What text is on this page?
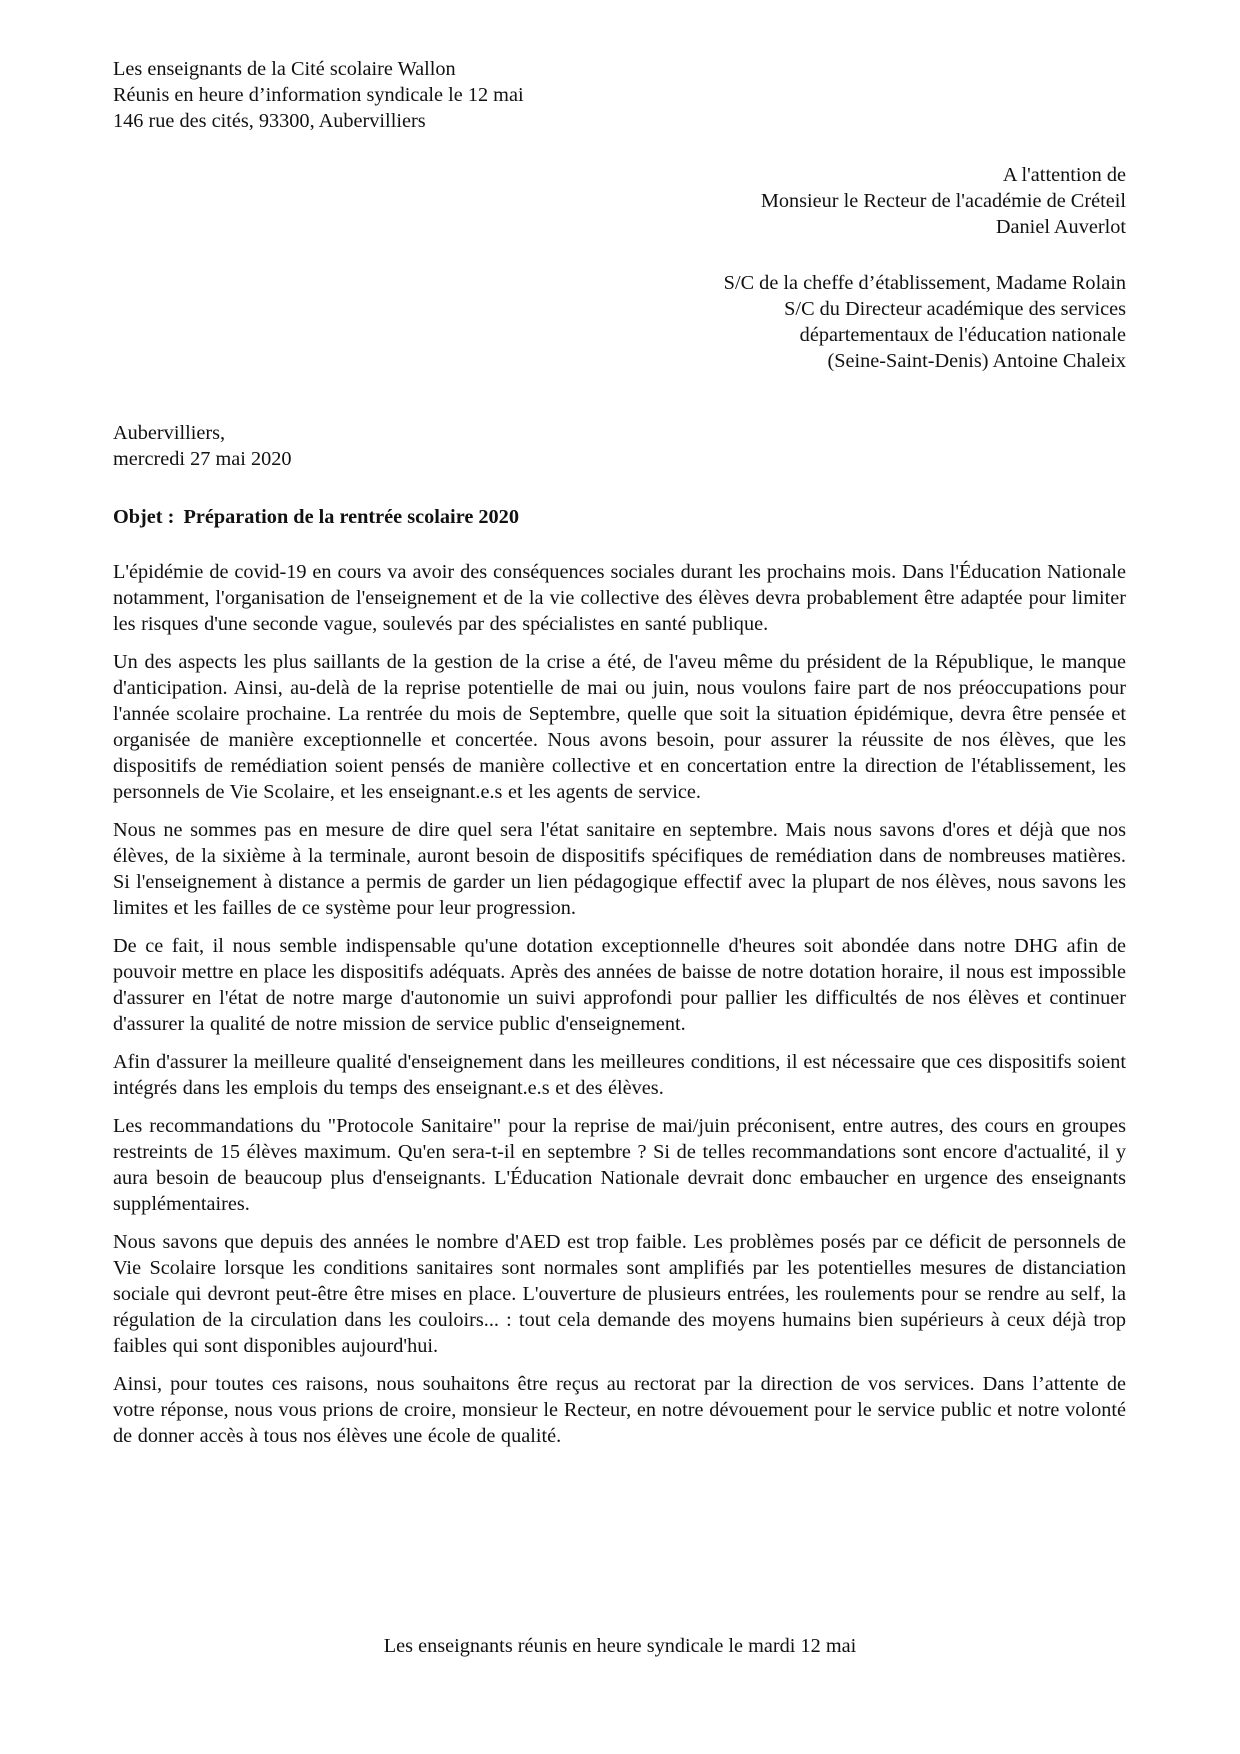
Les enseignants de la Cité scolaire Wallon
Réunis en heure d’information syndicale le 12 mai
146 rue des cités, 93300, Aubervilliers
A l'attention de
Monsieur le Recteur de l'académie de Créteil
Daniel Auverlot
S/C de la cheffe d’établissement, Madame Rolain
S/C du Directeur académique des services
départementaux de l'éducation nationale
(Seine-Saint-Denis) Antoine Chaleix
Aubervilliers,
mercredi 27 mai 2020
Objet : Préparation de la rentrée scolaire 2020

L'épidémie de covid-19 en cours va avoir des conséquences sociales durant les prochains mois. Dans l'Éducation Nationale notamment, l'organisation de l'enseignement et de la vie collective des élèves devra probablement être adaptée pour limiter les risques d'une seconde vague, soulevés par des spécialistes en santé publique.

Un des aspects les plus saillants de la gestion de la crise a été, de l'aveu même du président de la République, le manque d'anticipation. Ainsi, au-delà de la reprise potentielle de mai ou juin, nous voulons faire part de nos préoccupations pour l'année scolaire prochaine. La rentrée du mois de Septembre, quelle que soit la situation épidémique, devra être pensée et organisée de manière exceptionnelle et concertée. Nous avons besoin, pour assurer la réussite de nos élèves, que les dispositifs de remédiation soient pensés de manière collective et en concertation entre la direction de l'établissement, les personnels de Vie Scolaire, et les enseignant.e.s et les agents de service.

Nous ne sommes pas en mesure de dire quel sera l'état sanitaire en septembre. Mais nous savons d'ores et déjà que nos élèves, de la sixième à la terminale, auront besoin de dispositifs spécifiques de remédiation dans de nombreuses matières. Si l'enseignement à distance a permis de garder un lien pédagogique effectif avec la plupart de nos élèves, nous savons les limites et les failles de ce système pour leur progression.

De ce fait, il nous semble indispensable qu'une dotation exceptionnelle d'heures soit abondée dans notre DHG afin de pouvoir mettre en place les dispositifs adéquats. Après des années de baisse de notre dotation horaire, il nous est impossible d'assurer en l'état de notre marge d'autonomie un suivi approfondi pour pallier les difficultés de nos élèves et continuer d'assurer la qualité de notre mission de service public d'enseignement.

Afin d'assurer la meilleure qualité d'enseignement dans les meilleures conditions, il est nécessaire que ces dispositifs soient intégrés dans les emplois du temps des enseignant.e.s et des élèves.

Les recommandations du "Protocole Sanitaire" pour la reprise de mai/juin préconisent, entre autres, des cours en groupes restreints de 15 élèves maximum. Qu'en sera-t-il en septembre ? Si de telles recommandations sont encore d'actualité, il y aura besoin de beaucoup plus d'enseignants. L'Éducation Nationale devrait donc embaucher en urgence des enseignants supplémentaires.

Nous savons que depuis des années le nombre d'AED est trop faible. Les problèmes posés par ce déficit de personnels de Vie Scolaire lorsque les conditions sanitaires sont normales sont amplifiés par les potentielles mesures de distanciation sociale qui devront peut-être être mises en place. L'ouverture de plusieurs entrées, les roulements pour se rendre au self, la régulation de la circulation dans les couloirs... : tout cela demande des moyens humains bien supérieurs à ceux déjà trop faibles qui sont disponibles aujourd'hui.

Ainsi, pour toutes ces raisons, nous souhaitons être reçus au rectorat par la direction de vos services. Dans l’attente de votre réponse, nous vous prions de croire, monsieur le Recteur, en notre dévouement pour le service public et notre volonté de donner accès à tous nos élèves une école de qualité.

Les enseignants réunis en heure syndicale le mardi 12 mai
